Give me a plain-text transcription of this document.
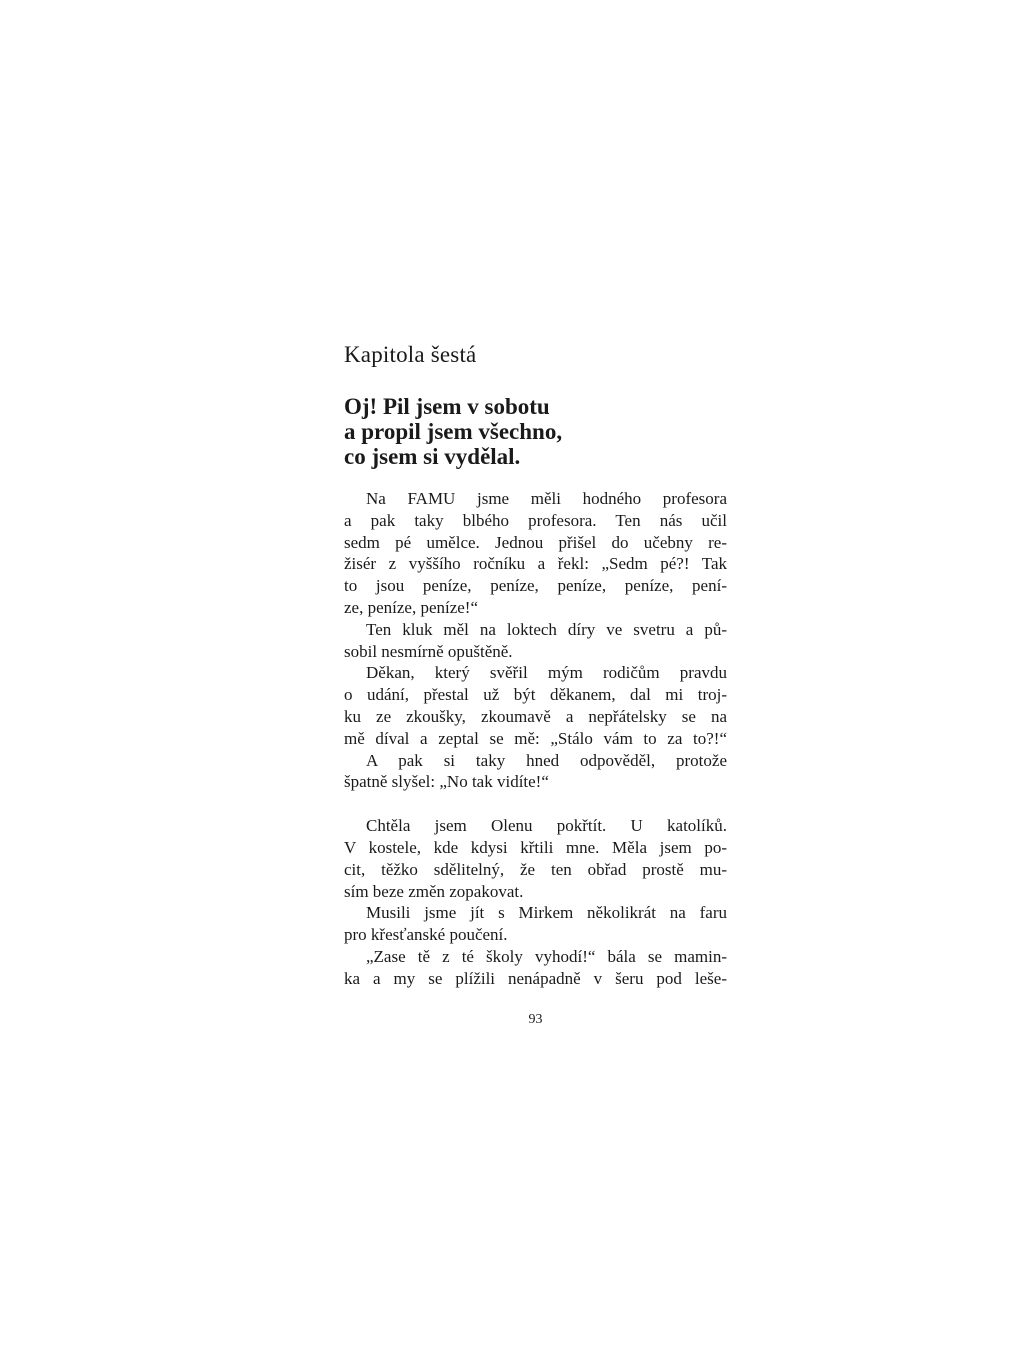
Kapitola šestá
Oj! Pil jsem v sobotu
a propil jsem všechno,
co jsem si vydělal.
Na FAMU jsme měli hodného profesora
a pak taky blbého profesora. Ten nás učil
sedm pé umělce. Jednou přišel do učebny re-
žisér z vyššího ročníku a řekl: „Sedm pé?! Tak
to jsou peníze, peníze, peníze, peníze, pení-
ze, peníze, peníze!“
Ten kluk měl na loktech díry ve svetru a pů-
sobil nesmírně opuštěně.
Děkan, který svěřil mým rodičům pravdu
o udání, přestal už být děkanem, dal mi troj-
ku ze zkoušky, zkoumavě a nepřátelsky se na
mě díval a zeptal se mě: „Stálo vám to za to?!“
A pak si taky hned odpověděl, protože
špatně slyšel: „No tak vidíte!“
Chtěla jsem Olenu pokřtít. U katolíků.
V kostele, kde kdysi křtili mne. Měla jsem po-
cit, těžko sdělitelný, že ten obřad prostě mu-
sím beze změn zopakovat.
Musili jsme jít s Mirkem několikrát na faru
pro křesťanské poučení.
„Zase tě z té školy vyhodí!“ bála se mamin-
ka a my se plížili nenápadně v šeru pod leše-
93
